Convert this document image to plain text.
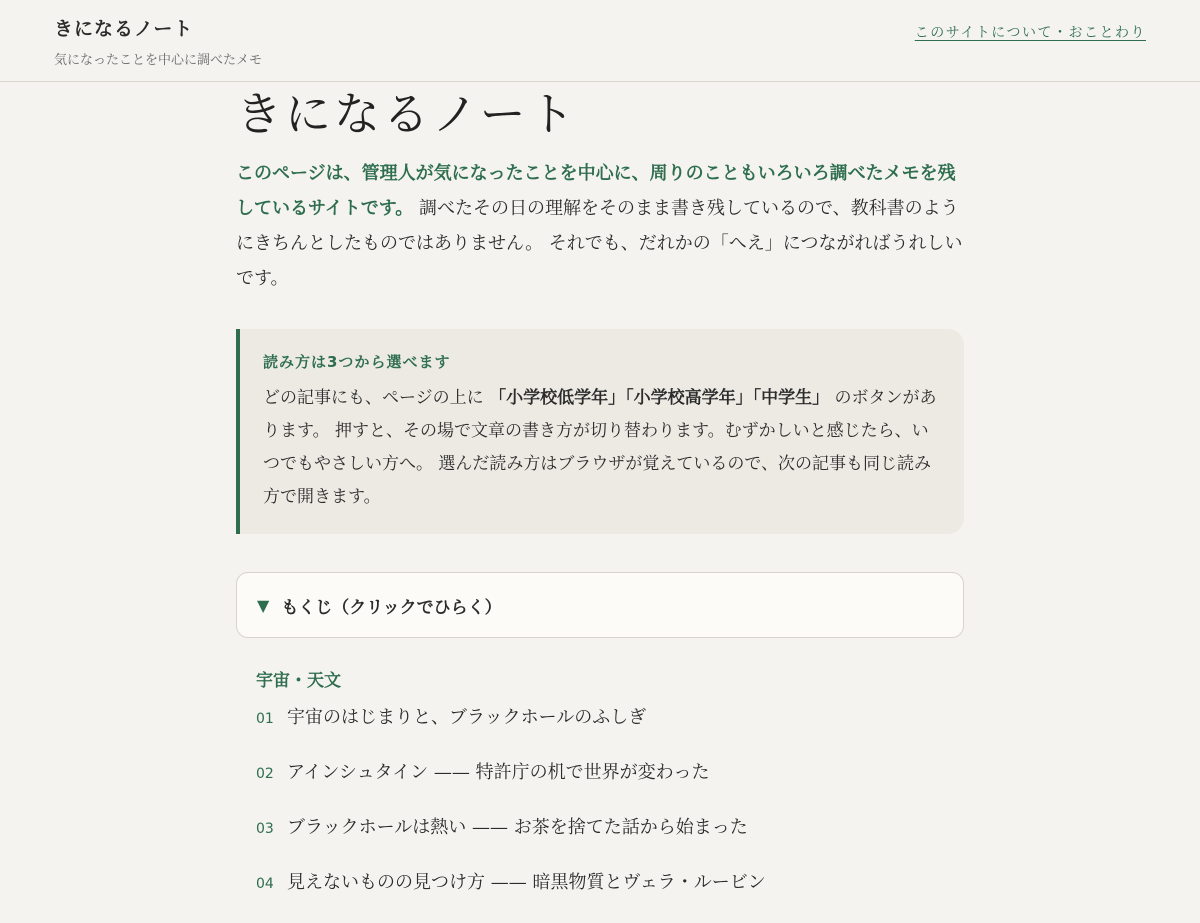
きになるノート
気になったことを中心に調べたメモ
このサイトについて・おことわり
きになるノート

このページは、管理人が気になったことを中心に、周りのこともいろいろ調べたメモを残しているサイトです。 調べたその日の理解をそのまま書き残しているので、教科書のようにきちんとしたものではありません。 それでも、だれかの「へえ」につながればうれしいです。

読み方は3つから選べます
どの記事にも、ページの上に 「小学校低学年」「小学校高学年」「中学生」 のボタンがあります。 押すと、その場で文章の書き方が切り替わります。むずかしいと感じたら、いつでもやさしい方へ。 選んだ読み方はブラウザが覚えているので、次の記事も同じ読み方で開きます。
▼ もくじ（クリックでひらく）
宇宙・天文
01 宇宙のはじまりと、ブラックホールのふしぎ
02 アインシュタイン —— 特許庁の机で世界が変わった
03 ブラックホールは熱い —— お茶を捨てた話から始まった
04 見えないものの見つけ方 —— 暗黒物質とヴェラ・ルービン
